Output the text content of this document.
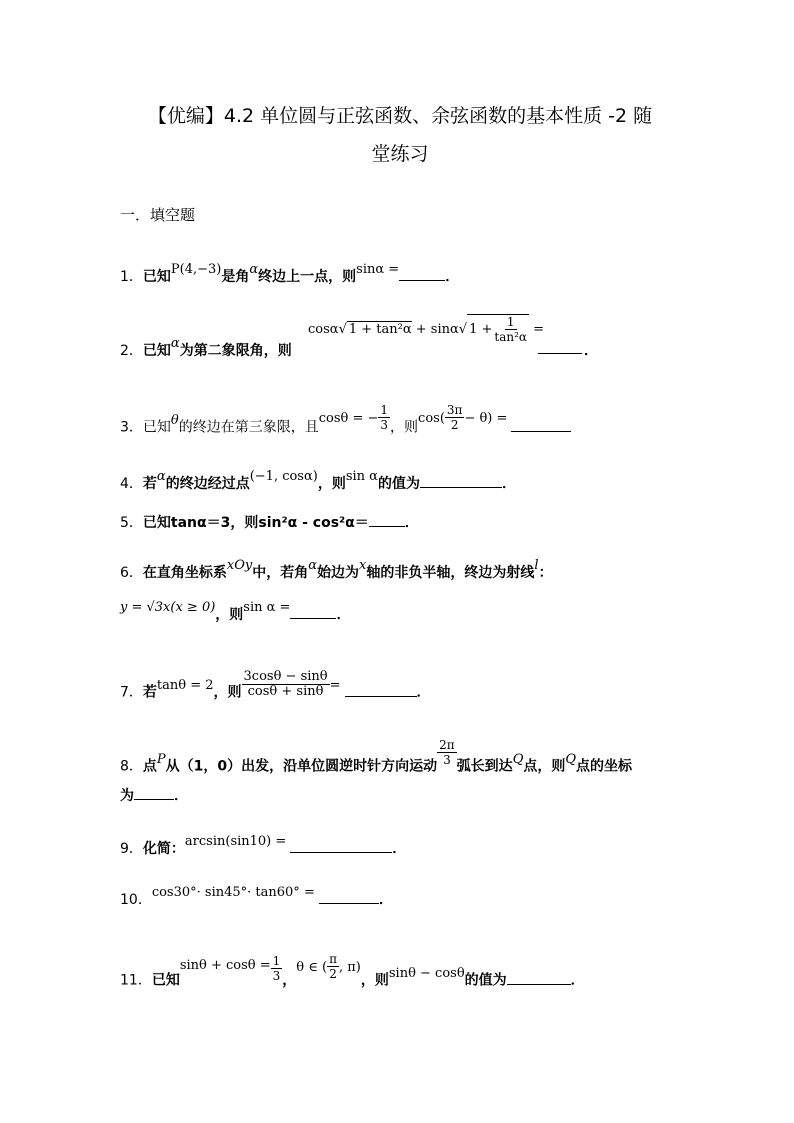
【优编】4.2 单位圆与正弦函数、余弦函数的基本性质 -2 随
堂练习
一．填空题
1．已知P(4,−3)是角α终边上一点，则sinα =	．
2．已知α为第二象限角，则
cosα√ 1 + tan²α + sinα√ $1 + \frac{1}{\text{tan²α}}$ =
．
3．已知θ的终边在第三象限，且cosθ = − $\frac{1}{3}$ ，则$\cos( \frac{3\pi}{2} - \theta)$ =
4．若α的终边经过点(−1, cosα)，则sin α的值为	．
5．已知tanα＝3，则sin²α - cos²α＝	．
6．在直角坐标系xOy中，若角α始边为x轴的非负半轴，终边为射线l：
y = √3x(x ≥ 0)，则sin α =	．
7．若tanθ = 2，则 $\frac{3\cos\theta - \sin\theta}{\cos\theta + \sin\theta}$ =	．
8．点P从（1，0）出发，沿单位圆逆时针方向运动 $\frac{2\pi}{3}$ 弧长到达Q点，则Q点的坐标
为	．
9．化简：arcsin(sin10) =	．
10．cos30°· sin45°· tan60° =	．
11．已知$\sin\theta + \cos\theta = \frac{1}{3}$ ，θ ∈ ( $\frac{\pi}{2}$ , π)，则sinθ − cosθ的值为	．
